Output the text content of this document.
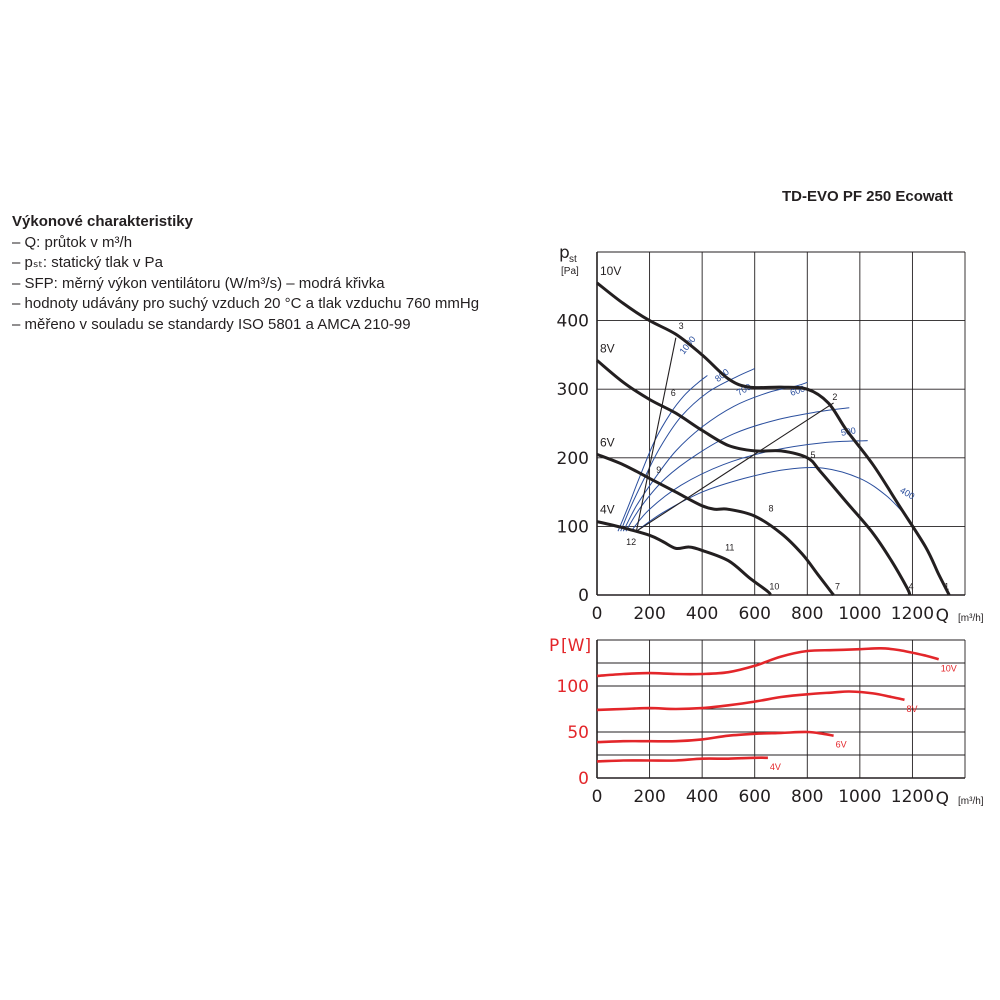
Výkonové charakteristiky
– Q: průtok v m³/h
– pₛₜ: statický tlak v Pa
– SFP: měrný výkon ventilátoru (W/m³/s) – modrá křivka
– hodnoty udávány pro suchý vzduch 20 °C a tlak vzduchu 760 mmHg
– měřeno v souladu se standardy ISO 5801 a AMCA 210-99
TD-EVO PF 250 Ecowatt
0 200 400 600 800 1000 1200
0
100
200
300
400
Q [m³/h]
p st
[Pa]
1000
800
700	600
500
400
10V
8V
6V
4V
1
2
3
4
5
6
7
8
9
10
11
12
0 200 400 600 800 1000 1200
0
50
100
Q [m³/h]
P [W]
10V
8V
6V
4V
